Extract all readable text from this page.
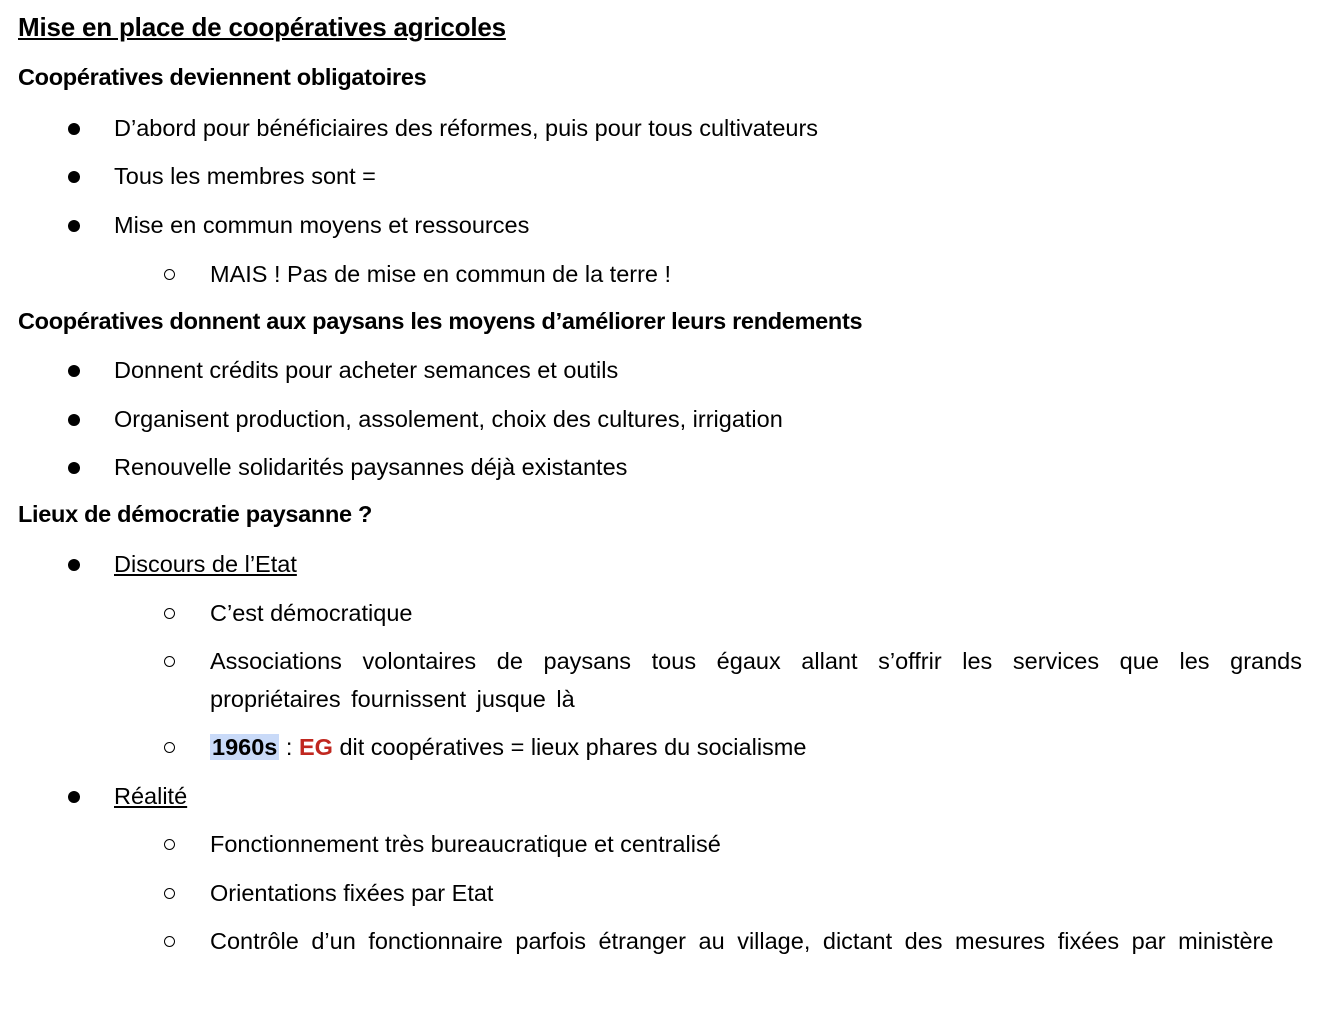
Mise en place de coopératives agricoles
Coopératives deviennent obligatoires
D’abord pour bénéficiaires des réformes, puis pour tous cultivateurs
Tous les membres sont =
Mise en commun moyens et ressources
MAIS ! Pas de mise en commun de la terre !
Coopératives donnent aux paysans les moyens d’améliorer leurs rendements
Donnent crédits pour acheter semances et outils
Organisent production, assolement, choix des cultures, irrigation
Renouvelle solidarités paysannes déjà existantes
Lieux de démocratie paysanne ?
Discours de l’Etat
C’est démocratique
Associations volontaires de paysans tous égaux allant s’offrir les services que les grands propriétaires fournissent jusque là
1960s : EG dit coopératives = lieux phares du socialisme
Réalité
Fonctionnement très bureaucratique et centralisé
Orientations fixées par Etat
Contrôle d’un fonctionnaire parfois étranger au village, dictant des mesures fixées par ministère
